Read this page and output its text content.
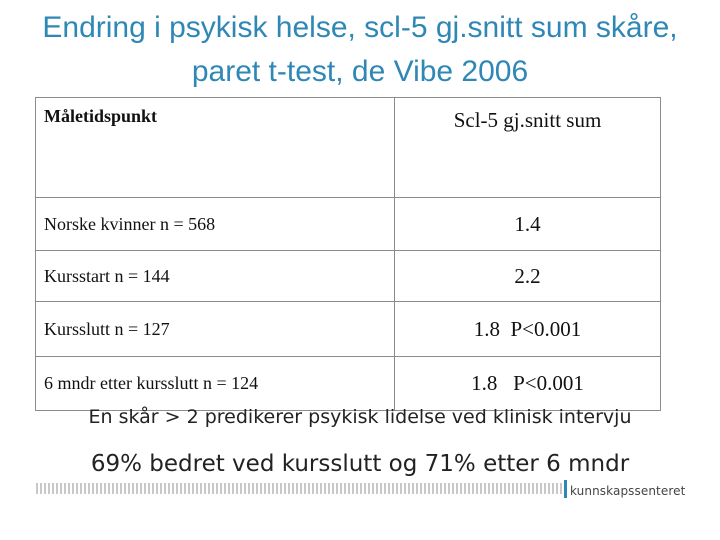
Endring i psykisk helse, scl-5 gj.snitt sum skåre,
paret t-test, de Vibe 2006
Måletidspunkt	Scl-5 gj.snitt sum
Norske kvinner n = 568	1.4
Kursstart n = 144	2.2
Kursslutt n = 127	1.8  P<0.001
6 mndr etter kursslutt n = 124	1.8   P<0.001
En skår > 2 predikerer psykisk lidelse ved klinisk intervju
69% bedret ved kursslutt og 71% etter 6 mndr
kunnskapssenteret
